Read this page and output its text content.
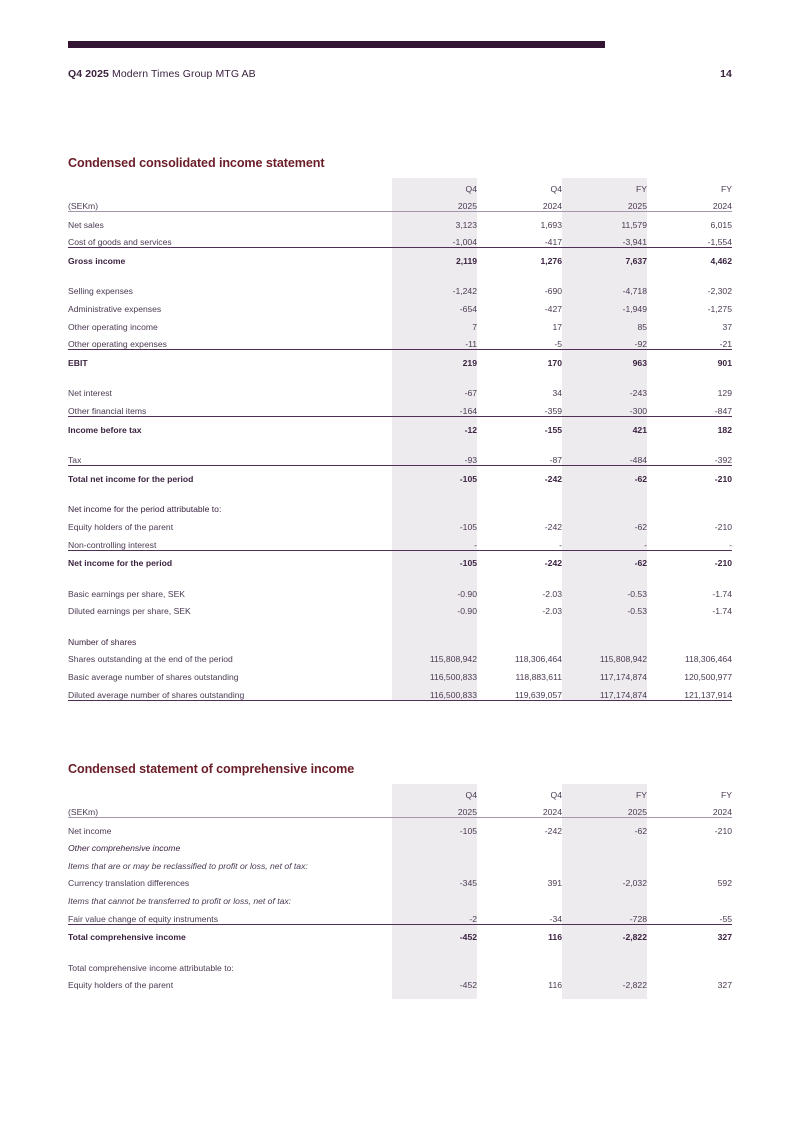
Q4 2025 Modern Times Group MTG AB	14
Condensed consolidated income statement
	Q4	Q4	FY	FY
(SEKm)	2025	2024	2025	2024
Net sales	3,123	1,693	11,579	6,015
Cost of goods and services	-1,004	-417	-3,941	-1,554
Gross income	2,119	1,276	7,637	4,462

Selling expenses	-1,242	-690	-4,718	-2,302
Administrative expenses	-654	-427	-1,949	-1,275
Other operating income	7	17	85	37
Other operating expenses	-11	-5	-92	-21
EBIT	219	170	963	901

Net interest	-67	34	-243	129
Other financial items	-164	-359	-300	-847
Income before tax	-12	-155	421	182

Tax	-93	-87	-484	-392
Total net income for the period	-105	-242	-62	-210

Net income for the period attributable to:				
Equity holders of the parent	-105	-242	-62	-210
Non-controlling interest	-	-	-	-
Net income for the period	-105	-242	-62	-210

Basic earnings per share, SEK	-0.90	-2.03	-0.53	-1.74
Diluted earnings per share, SEK	-0.90	-2.03	-0.53	-1.74

Number of shares				
Shares outstanding at the end of the period	115,808,942	118,306,464	115,808,942	118,306,464
Basic average number of shares outstanding	116,500,833	118,883,611	117,174,874	120,500,977
Diluted average number of shares outstanding	116,500,833	119,639,057	117,174,874	121,137,914
Condensed statement of comprehensive income
	Q4	Q4	FY	FY
(SEKm)	2025	2024	2025	2024
Net income	-105	-242	-62	-210
Other comprehensive income				
Items that are or may be reclassified to profit or loss, net of tax:				
Currency translation differences	-345	391	-2,032	592
Items that cannot be transferred to profit or loss, net of tax:				
Fair value change of equity instruments	-2	-34	-728	-55
Total comprehensive income	-452	116	-2,822	327

Total comprehensive income attributable to:				
Equity holders of the parent	-452	116	-2,822	327
